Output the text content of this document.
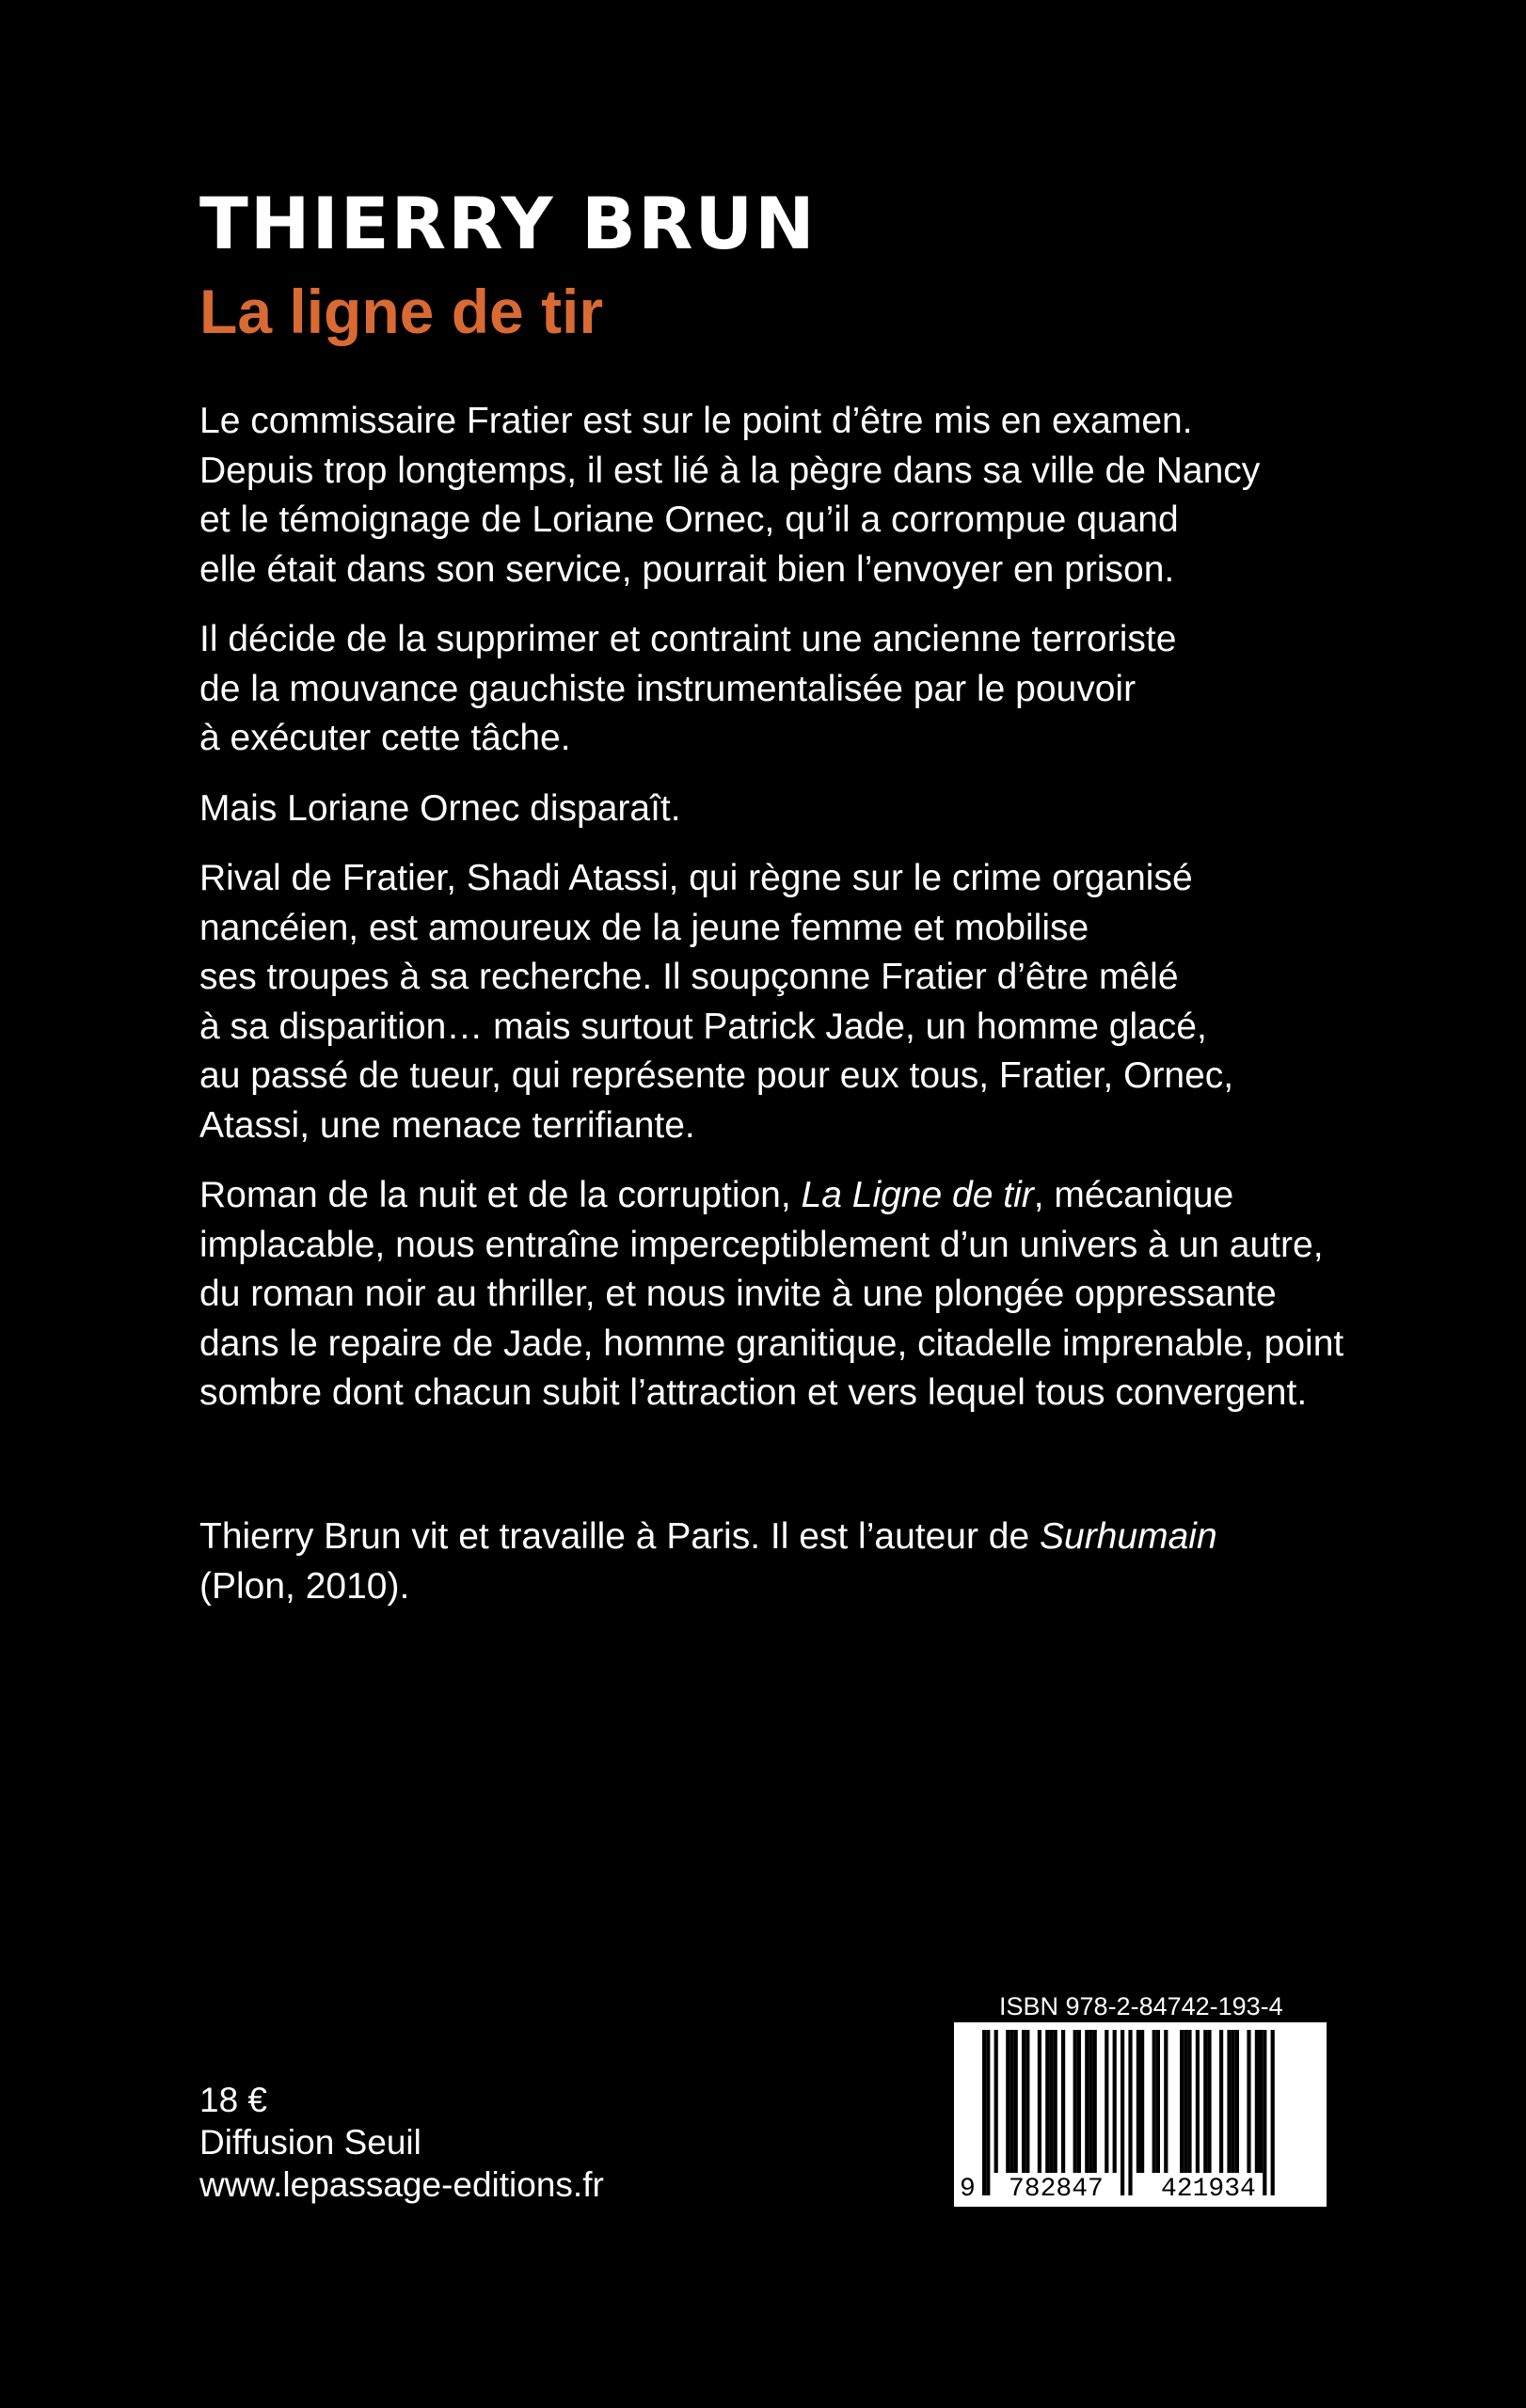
THIERRY BRUN
La ligne de tir

Le commissaire Fratier est sur le point d’être mis en examen.
Depuis trop longtemps, il est lié à la pègre dans sa ville de Nancy
et le témoignage de Loriane Ornec, qu’il a corrompue quand
elle était dans son service, pourrait bien l’envoyer en prison.

Il décide de la supprimer et contraint une ancienne terroriste
de la mouvance gauchiste instrumentalisée par le pouvoir
à exécuter cette tâche.

Mais Loriane Ornec disparaît.

Rival de Fratier, Shadi Atassi, qui règne sur le crime organisé
nancéien, est amoureux de la jeune femme et mobilise
ses troupes à sa recherche. Il soupçonne Fratier d’être mêlé
à sa disparition… mais surtout Patrick Jade, un homme glacé,
au passé de tueur, qui représente pour eux tous, Fratier, Ornec,
Atassi, une menace terrifiante.

Roman de la nuit et de la corruption, La Ligne de tir, mécanique
implacable, nous entraîne imperceptiblement d’un univers à un autre,
du roman noir au thriller, et nous invite à une plongée oppressante
dans le repaire de Jade, homme granitique, citadelle imprenable, point
sombre dont chacun subit l’attraction et vers lequel tous convergent.

Thierry Brun vit et travaille à Paris. Il est l’auteur de Surhumain
(Plon, 2010).
18 €
Diffusion Seuil
www.lepassage-editions.fr
ISBN 978-2-84742-193-4
9 782847 421934
